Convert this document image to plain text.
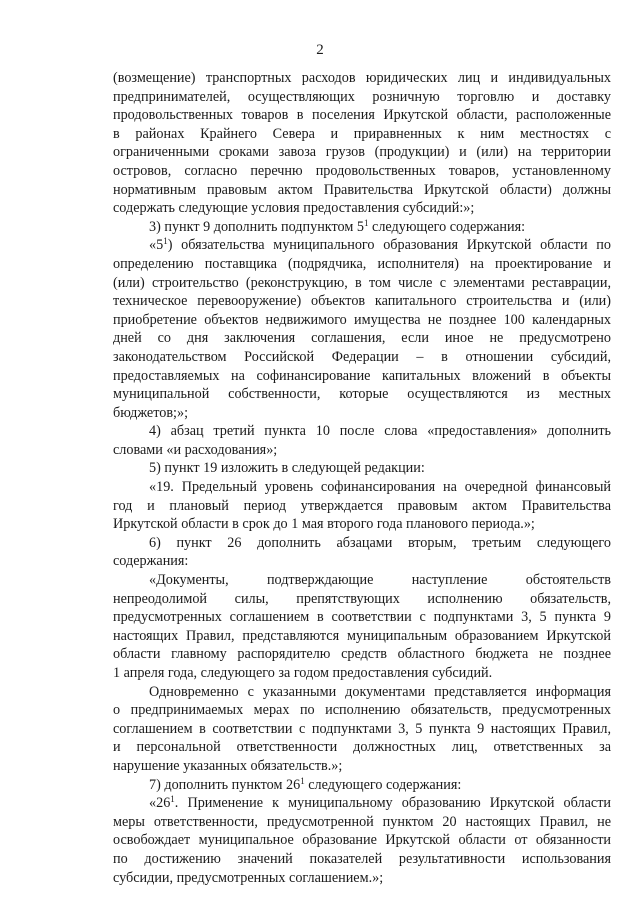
2
(возмещение) транспортных расходов юридических лиц и индивидуальных
предпринимателей, осуществляющих розничную торговлю и доставку
продовольственных товаров в поселения Иркутской области, расположенные
в районах Крайнего Севера и приравненных к ним местностях с
ограниченными сроками завоза грузов (продукции) и (или) на территории
островов, согласно перечню продовольственных товаров, установленному
нормативным правовым актом Правительства Иркутской области) должны
содержать следующие условия предоставления субсидий:»;
3) пункт 9 дополнить подпунктом $5^1$ следующего содержания:
«$5^1$) обязательства муниципального образования Иркутской области по
определению поставщика (подрядчика, исполнителя) на проектирование и
(или) строительство (реконструкцию, в том числе с элементами реставрации,
техническое перевооружение) объектов капитального строительства и (или)
приобретение объектов недвижимого имущества не позднее 100 календарных
дней со дня заключения соглашения, если иное не предусмотрено
законодательством Российской Федерации – в отношении субсидий,
предоставляемых на софинансирование капитальных вложений в объекты
муниципальной собственности, которые осуществляются из местных
бюджетов;»;
4) абзац третий пункта 10 после слова «предоставления» дополнить
словами «и расходования»;
5) пункт 19 изложить в следующей редакции:
«19. Предельный уровень софинансирования на очередной финансовый
год и плановый период утверждается правовым актом Правительства
Иркутской области в срок до 1 мая второго года планового периода.»;
6) пункт 26 дополнить абзацами вторым, третьим следующего
содержания:
«Документы, подтверждающие наступление обстоятельств
непреодолимой силы, препятствующих исполнению обязательств,
предусмотренных соглашением в соответствии с подпунктами 3, 5 пункта 9
настоящих Правил, представляются муниципальным образованием Иркутской
области главному распорядителю средств областного бюджета не позднее
1 апреля года, следующего за годом предоставления субсидий.
Одновременно с указанными документами представляется информация
о предпринимаемых мерах по исполнению обязательств, предусмотренных
соглашением в соответствии с подпунктами 3, 5 пункта 9 настоящих Правил,
и персональной ответственности должностных лиц, ответственных за
нарушение указанных обязательств.»;
7) дополнить пунктом $26^1$ следующего содержания:
«$26^1$. Применение к муниципальному образованию Иркутской области
меры ответственности, предусмотренной пунктом 20 настоящих Правил, не
освобождает муниципальное образование Иркутской области от обязанности
по достижению значений показателей результативности использования
субсидии, предусмотренных соглашением.»;
